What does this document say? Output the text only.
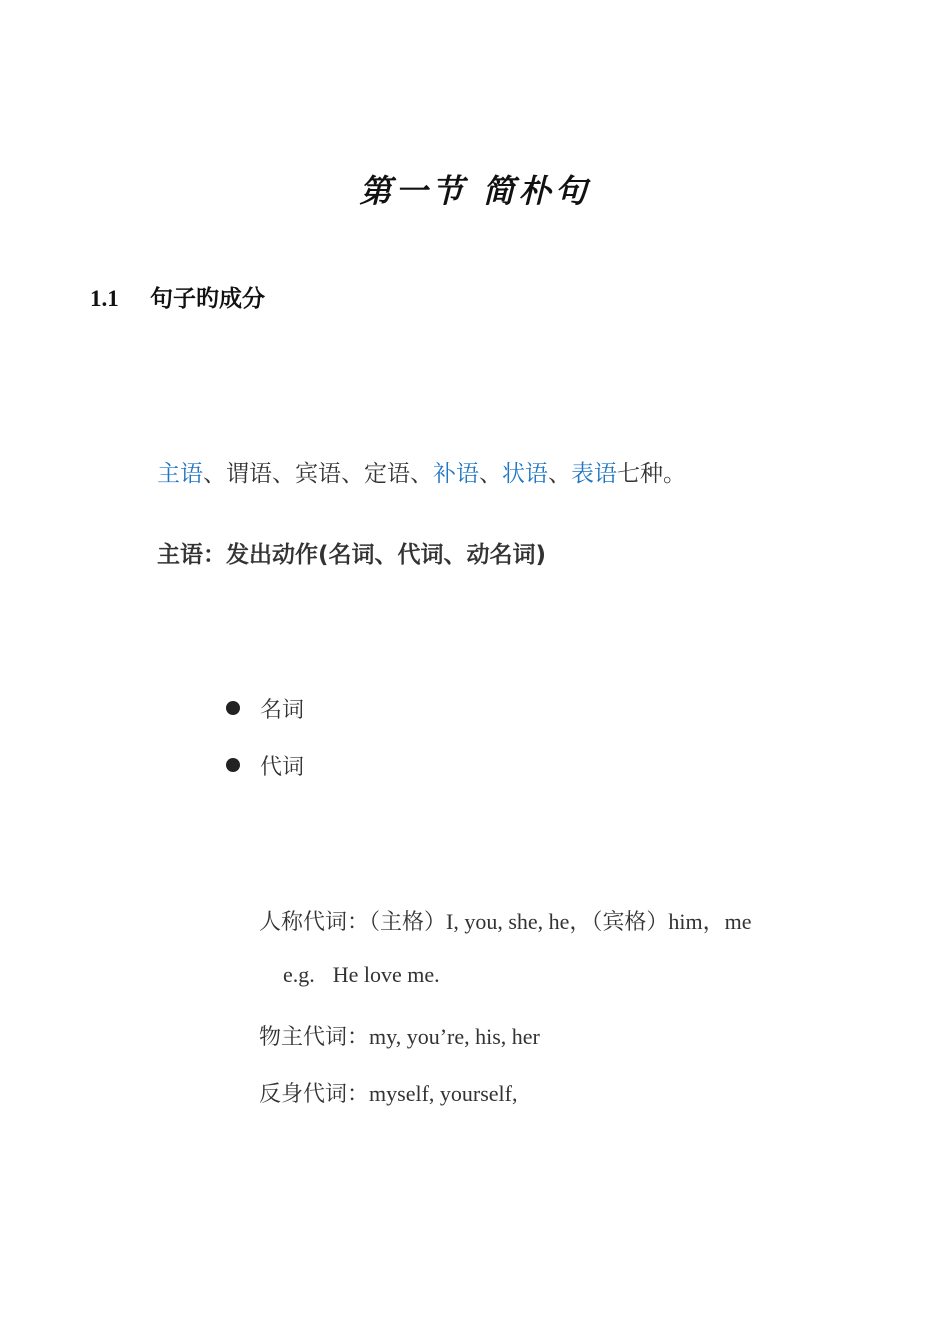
第一节 简朴句
1.1 句子旳成分
主语、谓语、宾语、定语、补语、状语、表语七种。
主语：发出动作(名词、代词、动名词)
名词
代词
人称代词：（主格）I, you, she, he，（宾格）him，me
e.g. He love me.
物主代词：my, you’re, his, her
反身代词：myself, yourself,
